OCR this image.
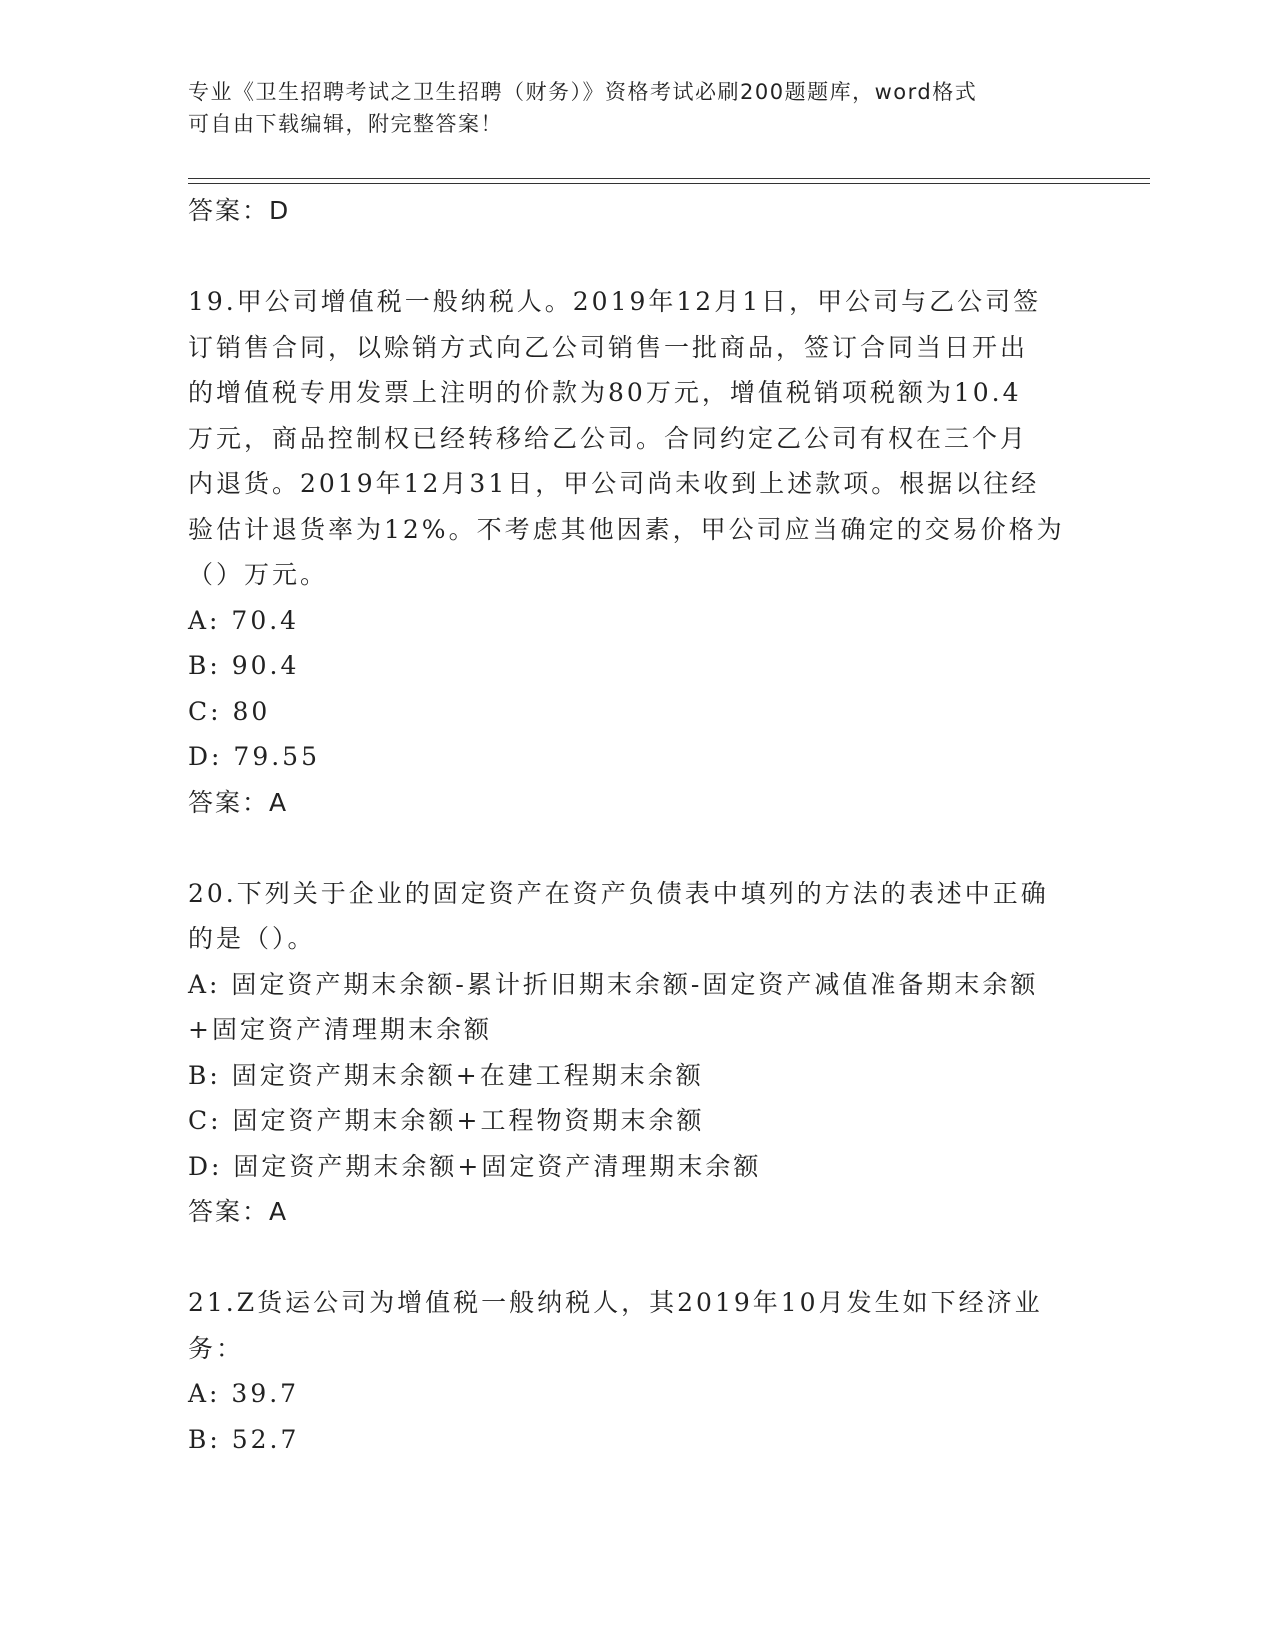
专业《卫生招聘考试之卫生招聘（财务）》资格考试必刷200题题库，word格式
可自由下载编辑，附完整答案！
答案：D
19.甲公司增值税一般纳税人。2019年12月1日，甲公司与乙公司签
订销售合同，以赊销方式向乙公司销售一批商品，签订合同当日开出
的增值税专用发票上注明的价款为80万元，增值税销项税额为10.4
万元，商品控制权已经转移给乙公司。合同约定乙公司有权在三个月
内退货。2019年12月31日，甲公司尚未收到上述款项。根据以往经
验估计退货率为12%。不考虑其他因素，甲公司应当确定的交易价格为
（）万元。
A: 70.4
B: 90.4
C: 80
D: 79.55
答案：A
20.下列关于企业的固定资产在资产负债表中填列的方法的表述中正确
的是（）。
A: 固定资产期末余额-累计折旧期末余额-固定资产减值准备期末余额
+固定资产清理期末余额
B: 固定资产期末余额+在建工程期末余额
C: 固定资产期末余额+工程物资期末余额
D: 固定资产期末余额+固定资产清理期末余额
答案：A
21.Z货运公司为增值税一般纳税人，其2019年10月发生如下经济业
务：
A: 39.7
B: 52.7
